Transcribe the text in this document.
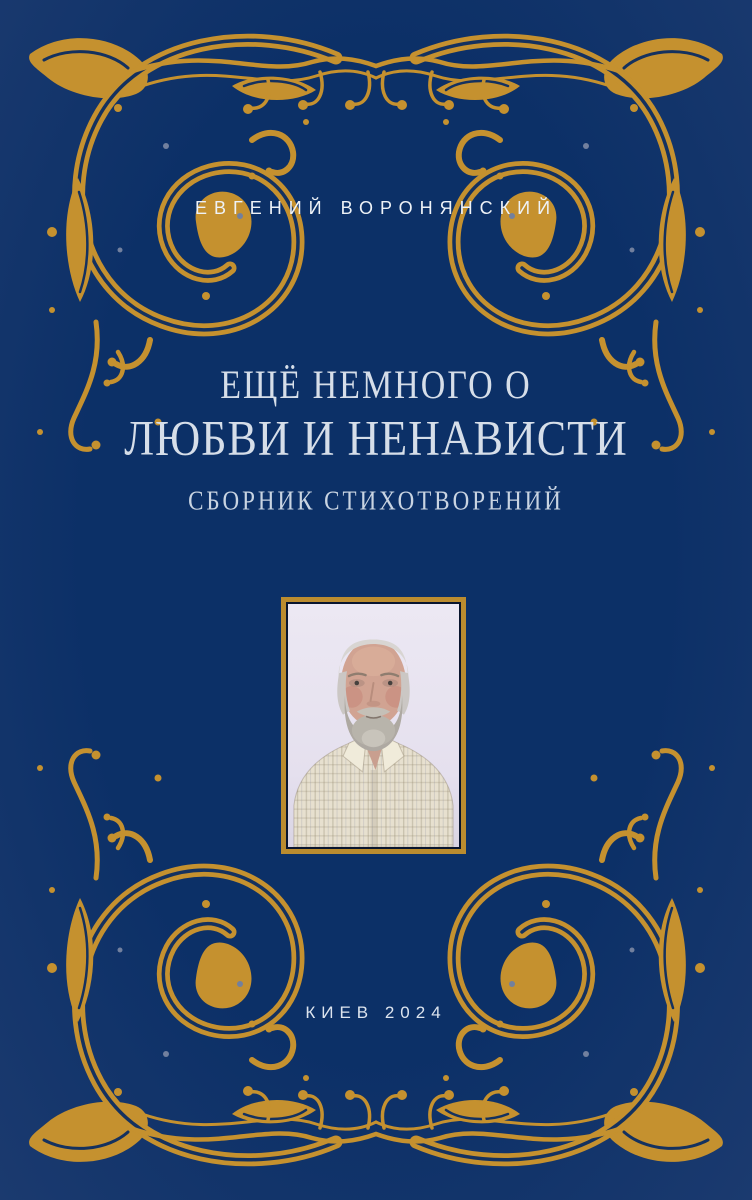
ЕВГЕНИЙ ВОРОНЯНСКИЙ
ЕЩЁ НЕМНОГО О
ЛЮБВИ И НЕНАВИСТИ
СБОРНИК СТИХОТВОРЕНИЙ
КИЕВ 2024
